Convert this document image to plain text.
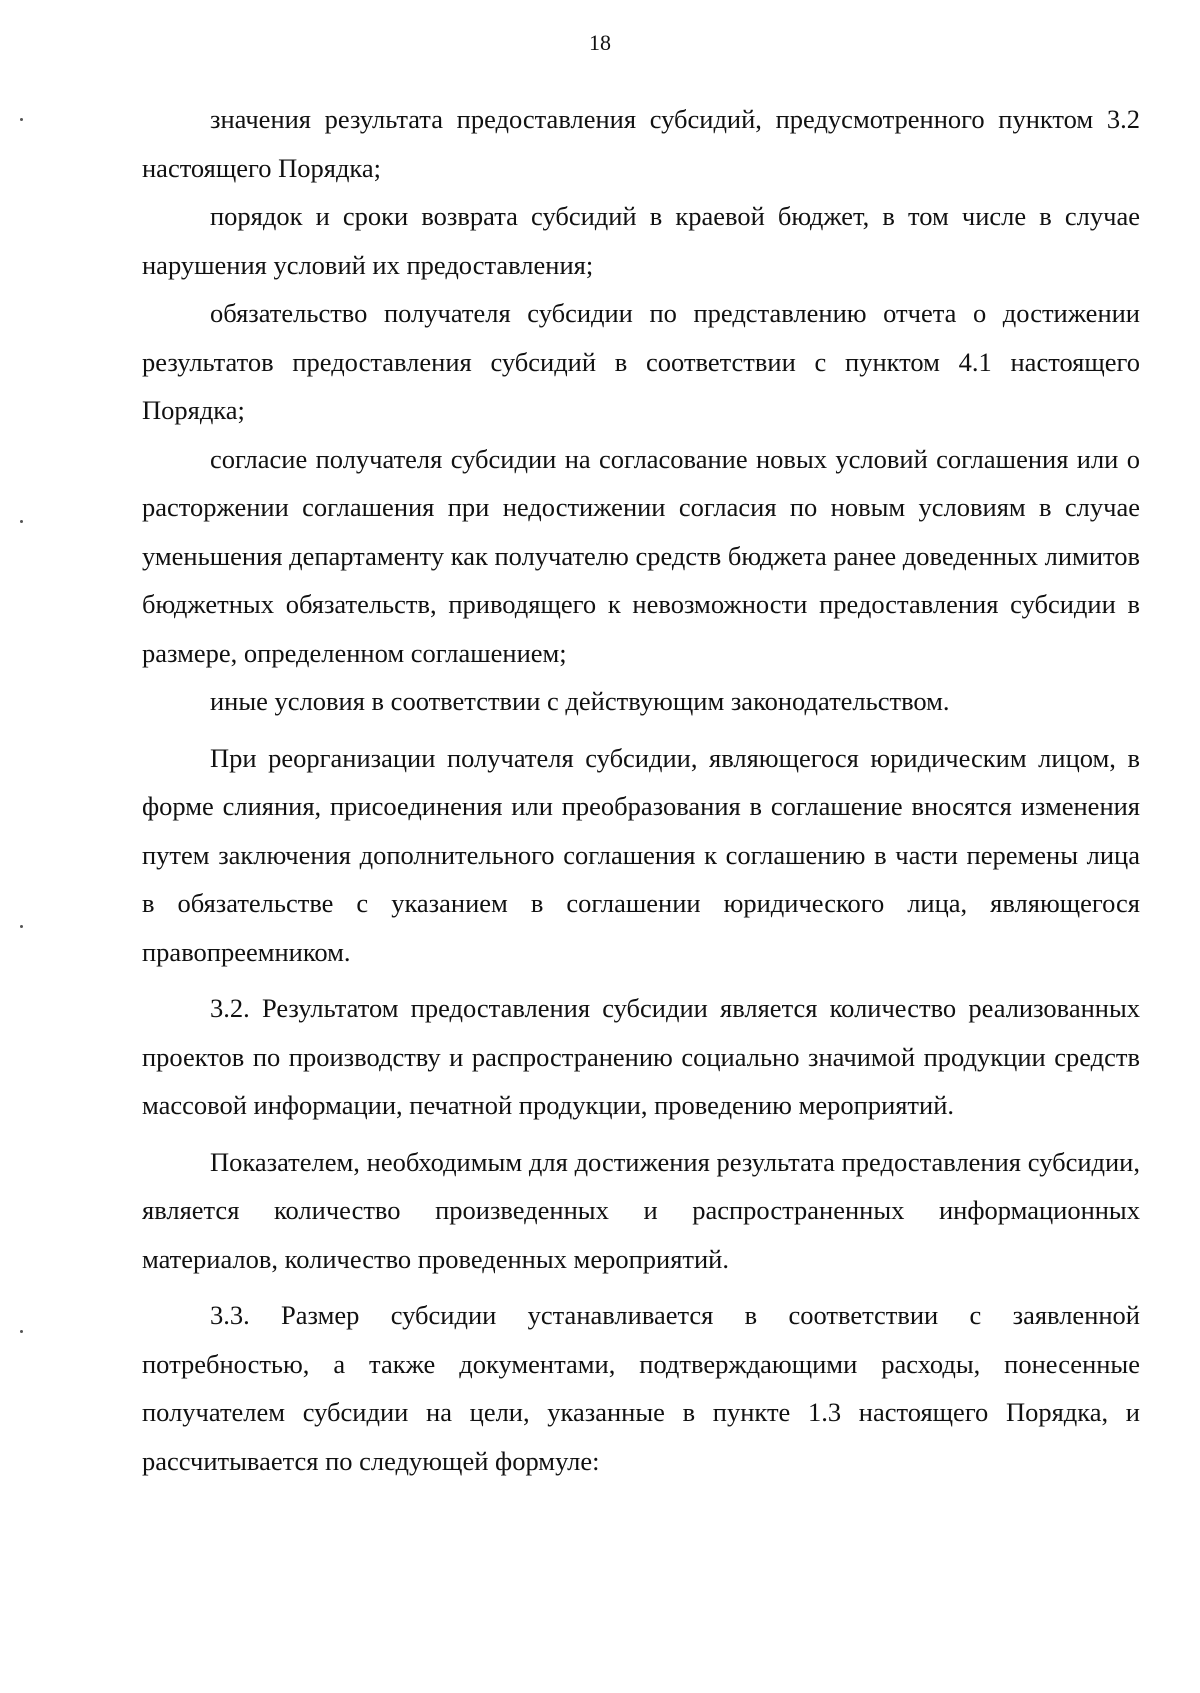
18

значения результата предоставления субсидий, предусмотренного пунктом 3.2 настоящего Порядка;

порядок и сроки возврата субсидий в краевой бюджет, в том числе в случае нарушения условий их предоставления;

обязательство получателя субсидии по представлению отчета о достижении результатов предоставления субсидий в соответствии с пунктом 4.1 настоящего Порядка;

согласие получателя субсидии на согласование новых условий соглашения или о расторжении соглашения при недостижении согласия по новым условиям в случае уменьшения департаменту как получателю средств бюджета ранее доведенных лимитов бюджетных обязательств, приводящего к невозможности предоставления субсидии в размере, определенном соглашением;

иные условия в соответствии с действующим законодательством.

При реорганизации получателя субсидии, являющегося юридическим лицом, в форме слияния, присоединения или преобразования в соглашение вносятся изменения путем заключения дополнительного соглашения к соглашению в части перемены лица в обязательстве с указанием в соглашении юридического лица, являющегося правопреемником.

3.2. Результатом предоставления субсидии является количество реализованных проектов по производству и распространению социально значимой продукции средств массовой информации, печатной продукции, проведению мероприятий.

Показателем, необходимым для достижения результата предоставления субсидии, является количество произведенных и распространенных информационных материалов, количество проведенных мероприятий.

3.3. Размер субсидии устанавливается в соответствии с заявленной потребностью, а также документами, подтверждающими расходы, понесенные получателем субсидии на цели, указанные в пункте 1.3 настоящего Порядка, и рассчитывается по следующей формуле:
